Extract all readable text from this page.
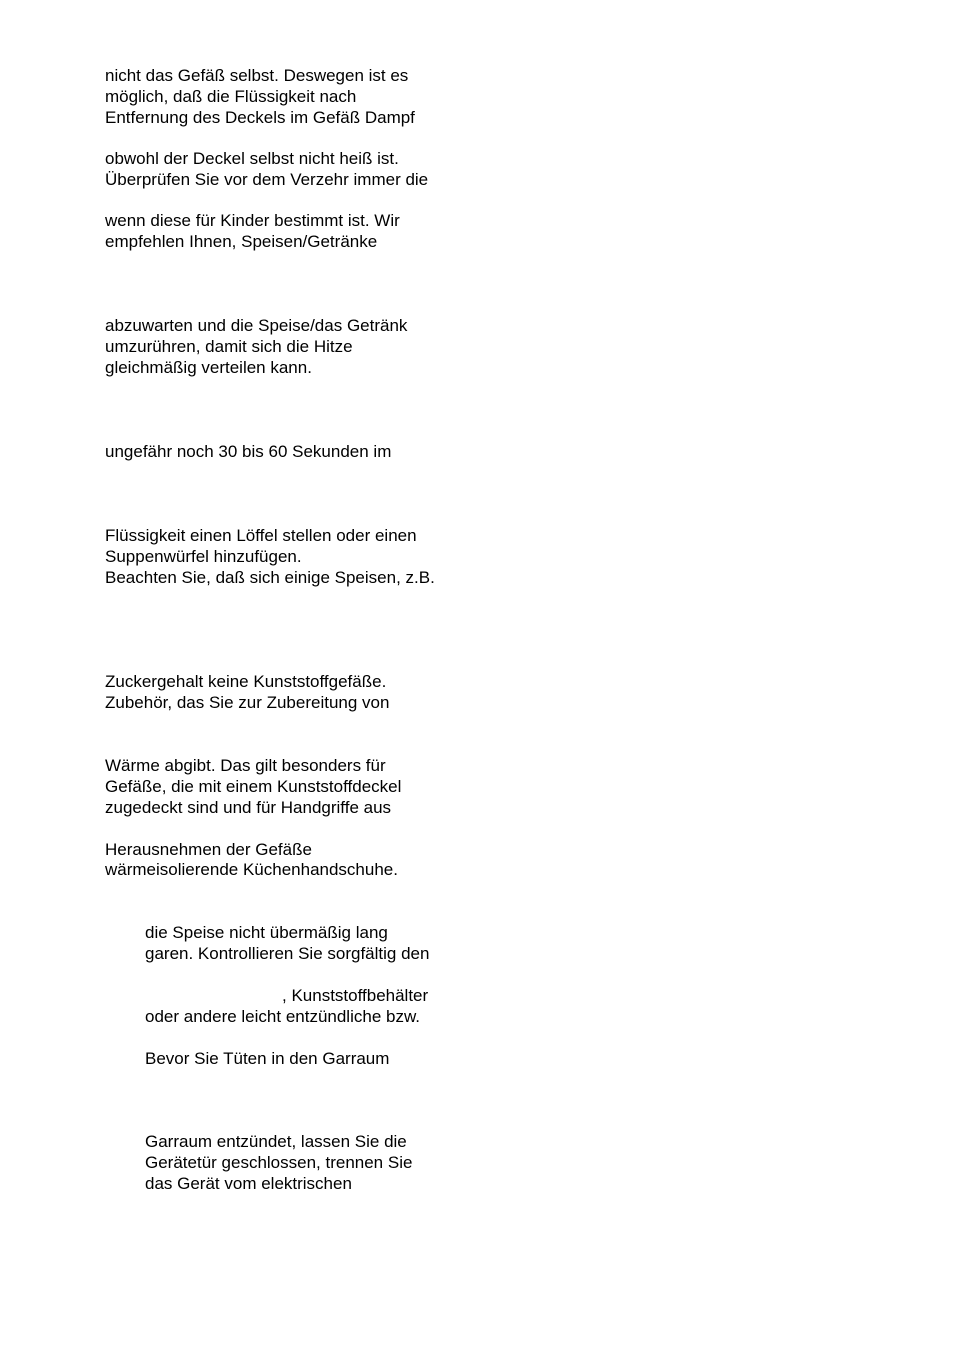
nicht das Gefäß selbst. Deswegen ist es
möglich, daß die Flüssigkeit nach
Entfernung des Deckels im Gefäß Dampf
obwohl der Deckel selbst nicht heiß ist.
Überprüfen Sie vor dem Verzehr immer die
wenn diese für Kinder bestimmt ist. Wir
empfehlen Ihnen, Speisen/Getränke
abzuwarten und die Speise/das Getränk
umzurühren, damit sich die Hitze
gleichmäßig verteilen kann.
ungefähr noch 30 bis 60 Sekunden im
Flüssigkeit einen Löffel stellen oder einen
Suppenwürfel hinzufügen.
Beachten Sie, daß sich einige Speisen, z.B.
Zuckergehalt keine Kunststoffgefäße.
Zubehör, das Sie zur Zubereitung von
Wärme abgibt. Das gilt besonders für
Gefäße, die mit einem Kunststoffdeckel
zugedeckt sind und für Handgriffe aus
Herausnehmen der Gefäße
wärmeisolierende Küchenhandschuhe.
die Speise nicht übermäßig lang
garen. Kontrollieren Sie sorgfältig den
, Kunststoffbehälter
oder andere leicht entzündliche bzw.
Bevor Sie Tüten in den Garraum
Garraum entzündet, lassen Sie die
Gerätetür geschlossen, trennen Sie
das Gerät vom elektrischen
